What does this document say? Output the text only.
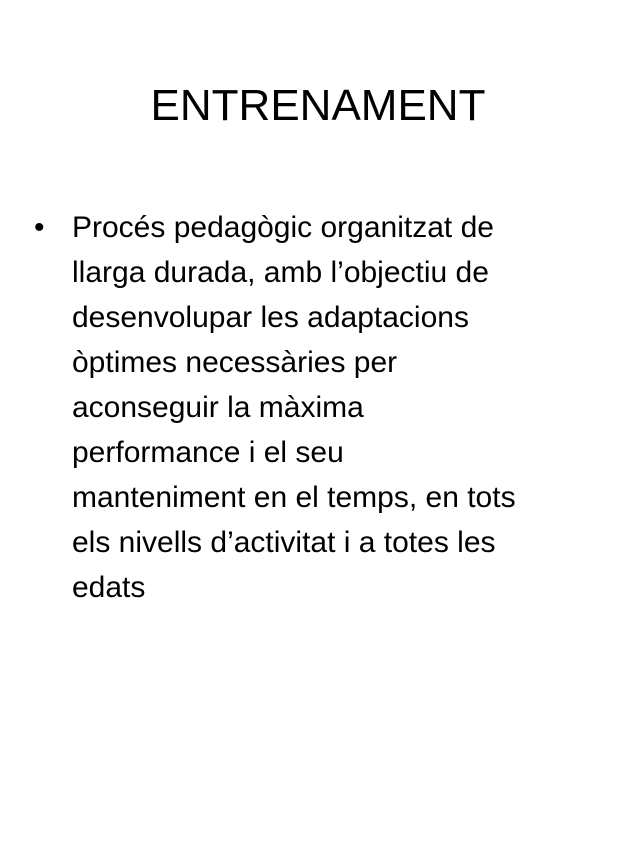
ENTRENAMENT
• Procés pedagògic organitzat de
llarga durada, amb l’objectiu de
desenvolupar les adaptacions
òptimes necessàries per
aconseguir la màxima
performance i el seu
manteniment en el temps, en tots
els nivells d’activitat i a totes les
edats
